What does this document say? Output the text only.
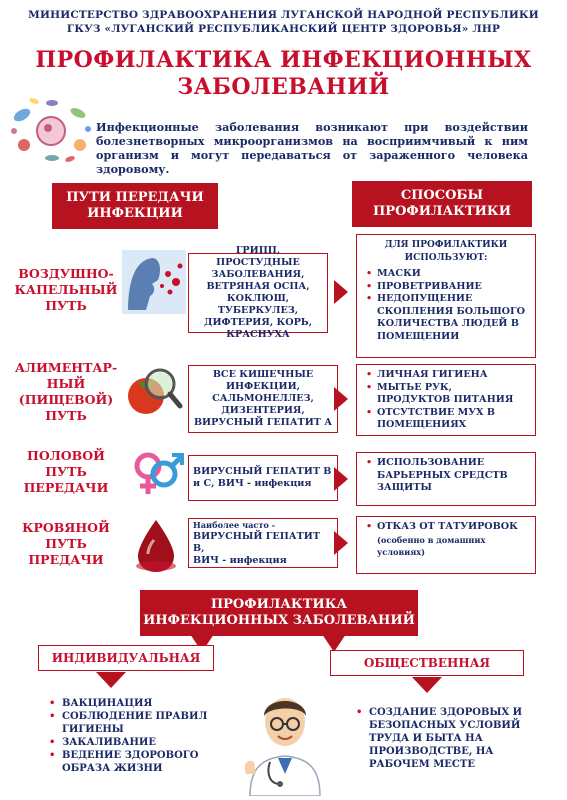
МИНИСТЕРСТВО ЗДРАВООХРАНЕНИЯ ЛУГАНСКОЙ НАРОДНОЙ РЕСПУБЛИКИ
ГКУЗ «ЛУГАНСКИЙ РЕСПУБЛИКАНСКИЙ ЦЕНТР ЗДОРОВЬЯ» ЛНР
ПРОФИЛАКТИКА ИНФЕКЦИОННЫХ
ЗАБОЛЕВАНИЙ
Инфекционные заболевания возникают при воздействии болезнетворных микроорганизмов на восприимчивый к ним организм и могут передаваться от зараженного человека здоровому.
ПУТИ ПЕРЕДАЧИ
ИНФЕКЦИИ
СПОСОБЫ
ПРОФИЛАКТИКИ
ВОЗДУШНО-
КАПЕЛЬНЫЙ
ПУТЬ
ГРИПП, ПРОСТУДНЫЕ
ЗАБОЛЕВАНИЯ,
ВЕТРЯНАЯ ОСПА,
КОКЛЮШ, ТУБЕРКУЛЕЗ,
ДИФТЕРИЯ, КОРЬ,
КРАСНУХА
ДЛЯ ПРОФИЛАКТИКИ ИСПОЛЬЗУЮТ:
• МАСКИ
• ПРОВЕТРИВАНИЕ
• НЕДОПУЩЕНИЕ СКОПЛЕНИЯ БОЛЬШОГО КОЛИЧЕСТВА ЛЮДЕЙ В ПОМЕЩЕНИИ
АЛИМЕНТАР-
НЫЙ
(ПИЩЕВОЙ)
ПУТЬ
ВСЕ КИШЕЧНЫЕ
ИНФЕКЦИИ,
САЛЬМОНЕЛЛЕЗ,
ДИЗЕНТЕРИЯ,
ВИРУСНЫЙ ГЕПАТИТ А
• ЛИЧНАЯ ГИГИЕНА
• МЫТЬЕ РУК, ПРОДУКТОВ ПИТАНИЯ
• ОТСУТСТВИЕ МУХ В ПОМЕЩЕНИЯХ
ПОЛОВОЙ
ПУТЬ
ПЕРЕДАЧИ
ВИРУСНЫЙ ГЕПАТИТ В
и С, ВИЧ - инфекция
• ИСПОЛЬЗОВАНИЕ БАРЬЕРНЫХ СРЕДСТВ ЗАЩИТЫ
КРОВЯНОЙ
ПУТЬ
ПРЕДАЧИ
Наиболее часто -
ВИРУСНЫЙ ГЕПАТИТ В,
ВИЧ - инфекция
• ОТКАЗ ОТ ТАТУИРОВОК
(особенно в домашних условиях)
ПРОФИЛАКТИКА
ИНФЕКЦИОННЫХ ЗАБОЛЕВАНИЙ
ИНДИВИДУАЛЬНАЯ	ОБЩЕСТВЕННАЯ
• ВАКЦИНАЦИЯ
• СОБЛЮДЕНИЕ ПРАВИЛ ГИГИЕНЫ
• ЗАКАЛИВАНИЕ
• ВЕДЕНИЕ ЗДОРОВОГО ОБРАЗА ЖИЗНИ
• СОЗДАНИЕ ЗДОРОВЫХ И БЕЗОПАСНЫХ УСЛОВИЙ ТРУДА И БЫТА НА ПРОИЗВОДСТВЕ, НА РАБОЧЕМ МЕСТЕ
